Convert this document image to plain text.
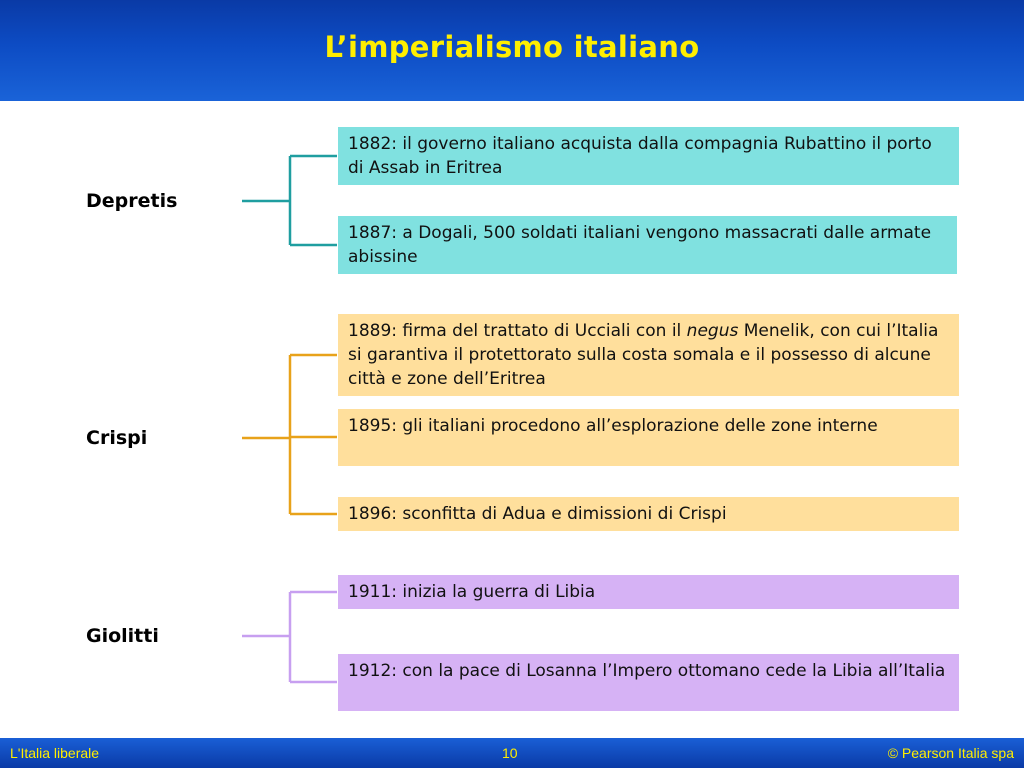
L’imperialismo italiano
Depretis
Crispi
Giolitti
1882: il governo italiano acquista dalla compagnia Rubattino il porto di Assab in Eritrea
1887: a Dogali, 500 soldati italiani vengono massacrati dalle armate abissine
1889: firma del trattato di Ucciali con il negus Menelik, con cui l’Italia si garantiva il protettorato sulla costa somala e il possesso di alcune città e zone dell’Eritrea
1895: gli italiani procedono all’esplorazione delle zone interne
1896: sconfitta di Adua e dimissioni di Crispi
1911: inizia la guerra di Libia
1912: con la pace di Losanna l’Impero ottomano cede la Libia all’Italia
L'Italia liberale	10	© Pearson Italia spa
